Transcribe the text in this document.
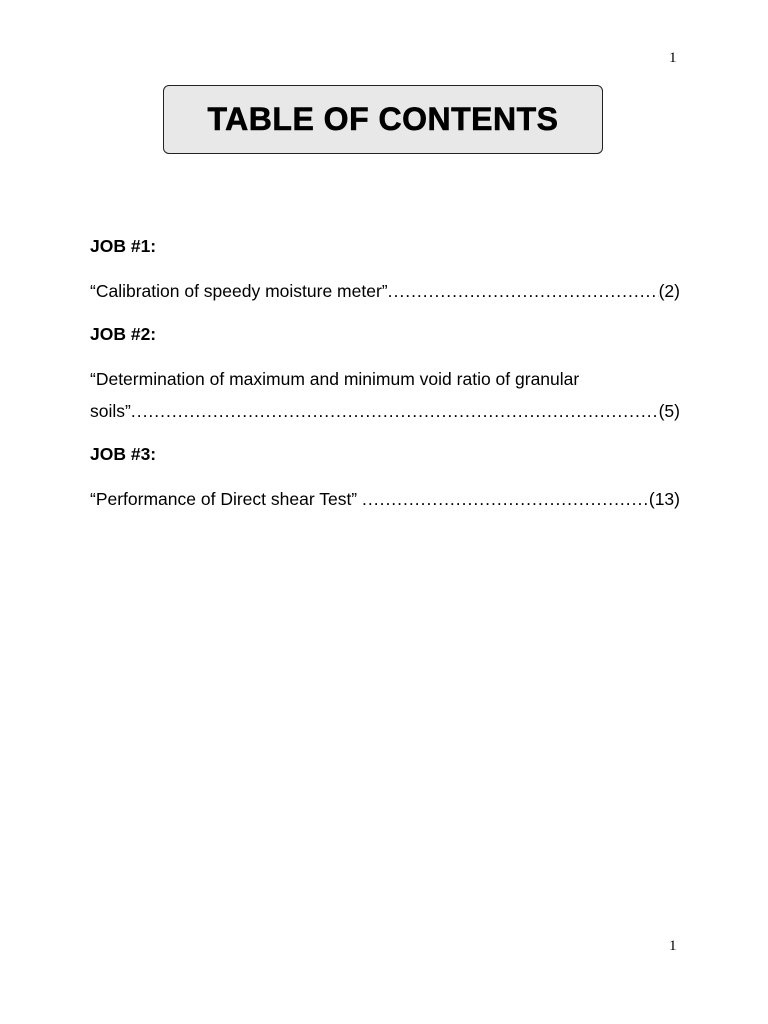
1
TABLE OF CONTENTS
JOB #1:
“Calibration of speedy moisture meter” .....	(2)
JOB #2:
“Determination of maximum and minimum void ratio of granular
soils” .....	(5)
JOB #3:
“Performance of Direct shear Test” .....	(13)
1
